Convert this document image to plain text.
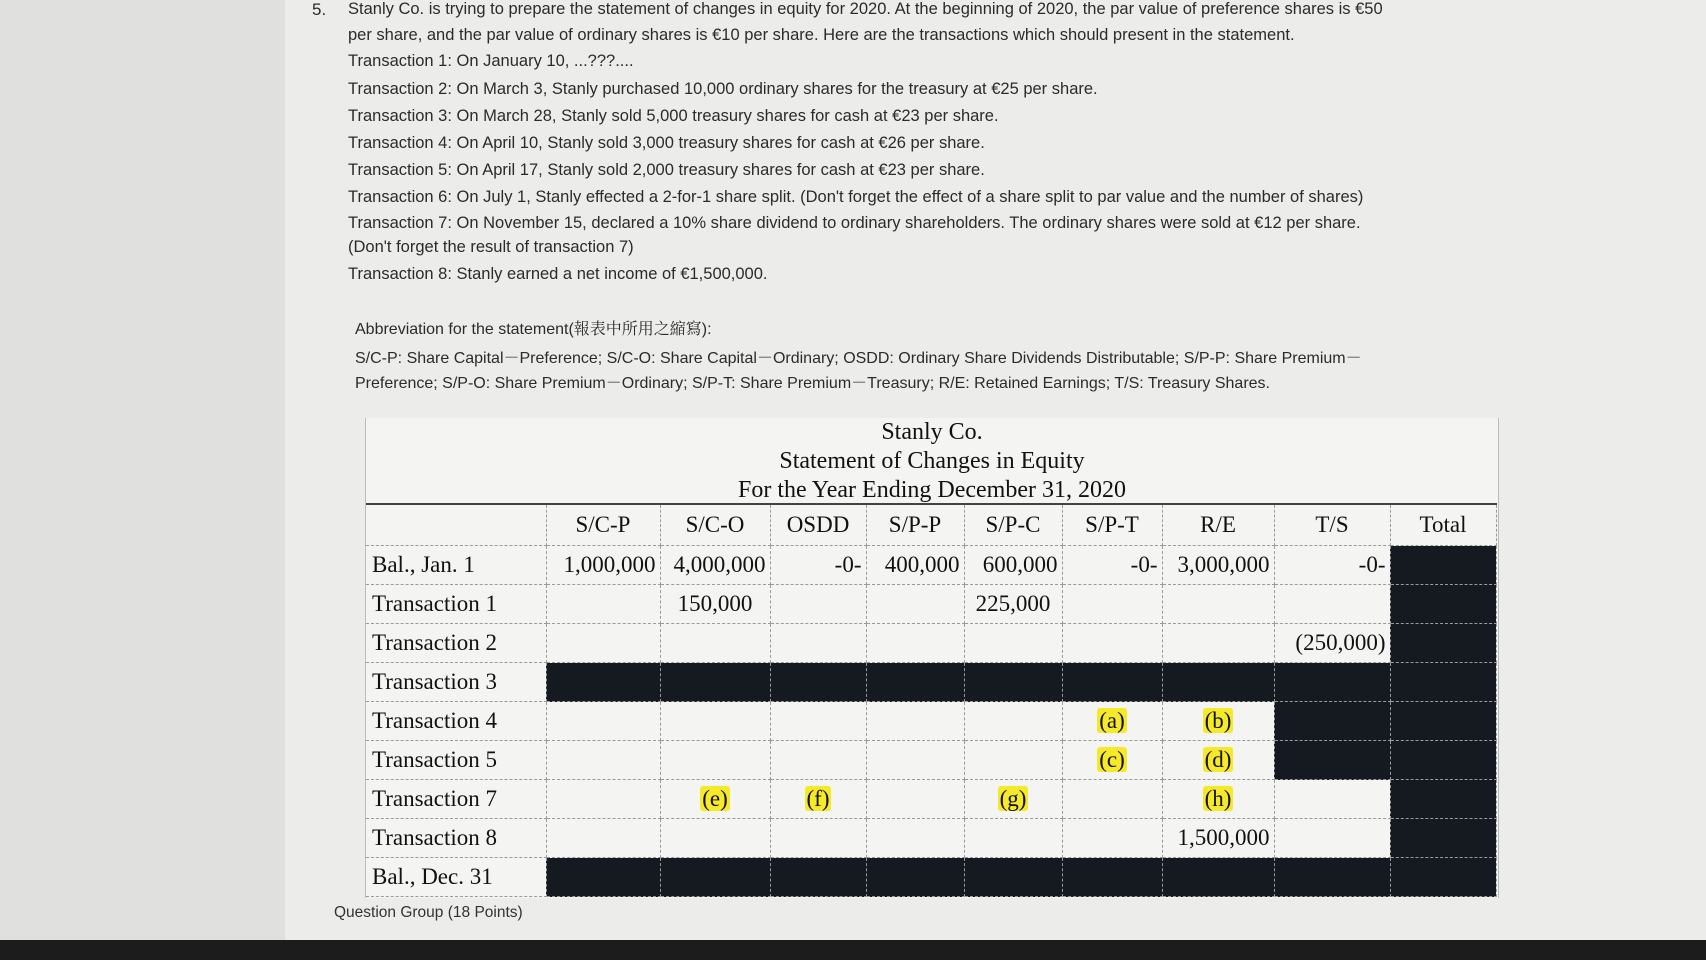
5. Stanly Co. is trying to prepare the statement of changes in equity for 2020. At the beginning of 2020, the par value of preference shares is €50
per share, and the par value of ordinary shares is €10 per share. Here are the transactions which should present in the statement.
Transaction 1: On January 10, ...???....
Transaction 2: On March 3, Stanly purchased 10,000 ordinary shares for the treasury at €25 per share.
Transaction 3: On March 28, Stanly sold 5,000 treasury shares for cash at €23 per share.
Transaction 4: On April 10, Stanly sold 3,000 treasury shares for cash at €26 per share.
Transaction 5: On April 17, Stanly sold 2,000 treasury shares for cash at €23 per share.
Transaction 6: On July 1, Stanly effected a 2-for-1 share split. (Don't forget the effect of a share split to par value and the number of shares)
Transaction 7: On November 15, declared a 10% share dividend to ordinary shareholders. The ordinary shares were sold at €12 per share.
(Don't forget the result of transaction 7)
Transaction 8: Stanly earned a net income of €1,500,000.
Abbreviation for the statement(報表中所用之縮寫):
S/C-P: Share Capital－Preference; S/C-O: Share Capital－Ordinary; OSDD: Ordinary Share Dividends Distributable; S/P-P: Share Premium－
Preference; S/P-O: Share Premium－Ordinary; S/P-T: Share Premium－Treasury; R/E: Retained Earnings; T/S: Treasury Shares.
Stanly Co.
Statement of Changes in Equity
For the Year Ending December 31, 2020
	S/C-P	S/C-O	OSDD	S/P-P	S/P-C	S/P-T	R/E	T/S	Total
Bal., Jan. 1	1,000,000	4,000,000	-0-	400,000	600,000	-0-	3,000,000	-0-	
Transaction 1		150,000			225,000				
Transaction 2								(250,000)	
Transaction 3									
Transaction 4						(a)	(b)		
Transaction 5						(c)	(d)		
Transaction 7		(e)	(f)		(g)		(h)		
Transaction 8							1,500,000		
Bal., Dec. 31									
Question Group (18 Points)
